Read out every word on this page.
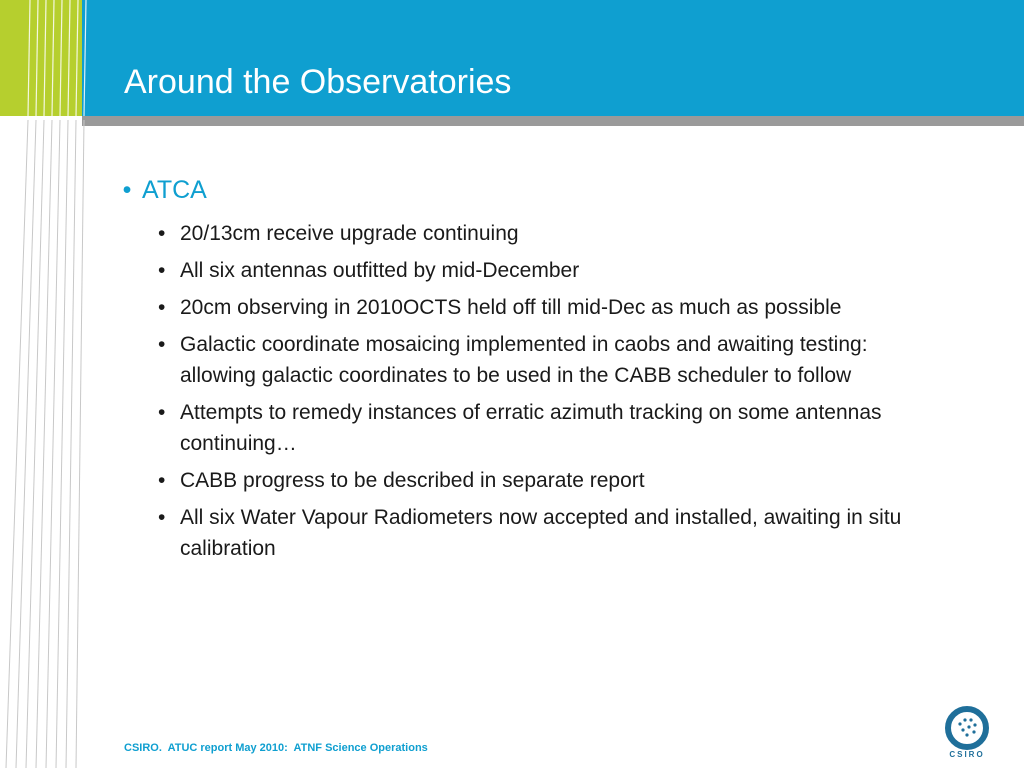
Around the Observatories
• ATCA
• 20/13cm receive upgrade continuing
• All six antennas outfitted by mid-December
• 20cm observing in 2010OCTS held off till mid-Dec as much as possible
• Galactic coordinate mosaicing implemented in caobs and awaiting testing: allowing galactic coordinates to be used in the CABB scheduler to follow
• Attempts to remedy instances of erratic azimuth tracking on some antennas continuing…
• CABB progress to be described in separate report
• All six Water Vapour Radiometers now accepted and installed, awaiting in situ calibration
CSIRO.  ATUC report May 2010:  ATNF Science Operations
CSIRO
